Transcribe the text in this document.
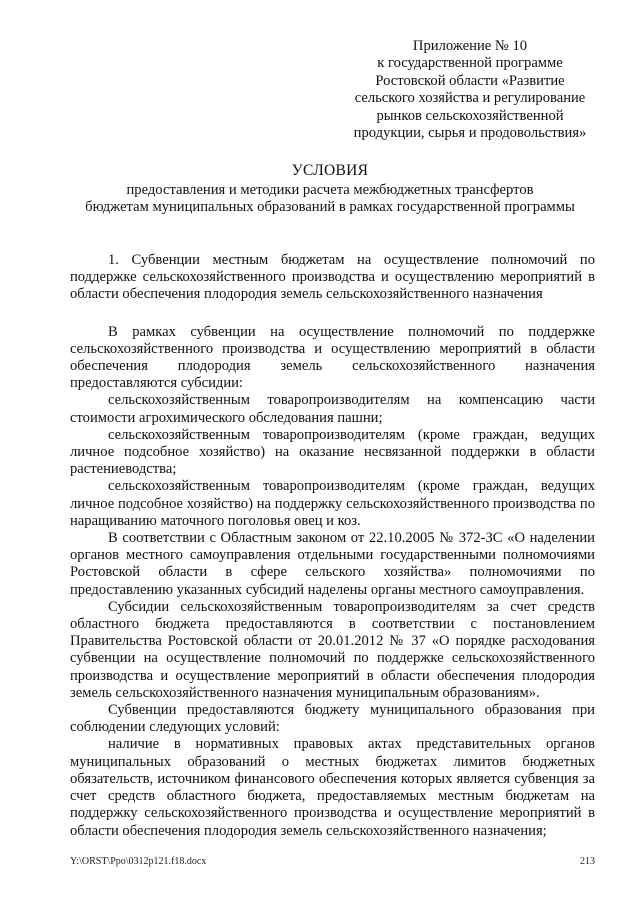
Приложение № 10
к государственной программе
Ростовской области «Развитие
сельского хозяйства и регулирование
рынков сельскохозяйственной
продукции, сырья и продовольствия»
УСЛОВИЯ
предоставления и методики расчета межбюджетных трансфертов
бюджетам муниципальных образований в рамках государственной программы

1. Субвенции местным бюджетам на осуществление полномочий по поддержке сельскохозяйственного производства и осуществлению мероприятий в области обеспечения плодородия земель сельскохозяйственного назначения

В рамках субвенции на осуществление полномочий по поддержке сельскохозяйственного производства и осуществлению мероприятий в области обеспечения плодородия земель сельскохозяйственного назначения предоставляются субсидии:

сельскохозяйственным товаропроизводителям на компенсацию части стоимости агрохимического обследования пашни;

сельскохозяйственным товаропроизводителям (кроме граждан, ведущих личное подсобное хозяйство) на оказание несвязанной поддержки в области растениеводства;

сельскохозяйственным товаропроизводителям (кроме граждан, ведущих личное подсобное хозяйство) на поддержку сельскохозяйственного производства по наращиванию маточного поголовья овец и коз.

В соответствии с Областным законом от 22.10.2005 № 372-ЗС «О наделении органов местного самоуправления отдельными государственными полномочиями Ростовской области в сфере сельского хозяйства» полномочиями по предоставлению указанных субсидий наделены органы местного самоуправления.

Субсидии сельскохозяйственным товаропроизводителям за счет средств областного бюджета предоставляются в соответствии с постановлением Правительства Ростовской области от 20.01.2012 № 37 «О порядке расходования субвенции на осуществление полномочий по поддержке сельскохозяйственного производства и осуществление мероприятий в области обеспечения плодородия земель сельскохозяйственного назначения муниципальным образованиям».

Субвенции предоставляются бюджету муниципального образования при соблюдении следующих условий:

наличие в нормативных правовых актах представительных органов муниципальных образований о местных бюджетах лимитов бюджетных обязательств, источником финансового обеспечения которых является субвенция за счет средств областного бюджета, предоставляемых местным бюджетам на поддержку сельскохозяйственного производства и осуществление мероприятий в области обеспечения плодородия земель сельскохозяйственного назначения;

Y:\ORST\Ppo\0312p121.f18.docx	213
